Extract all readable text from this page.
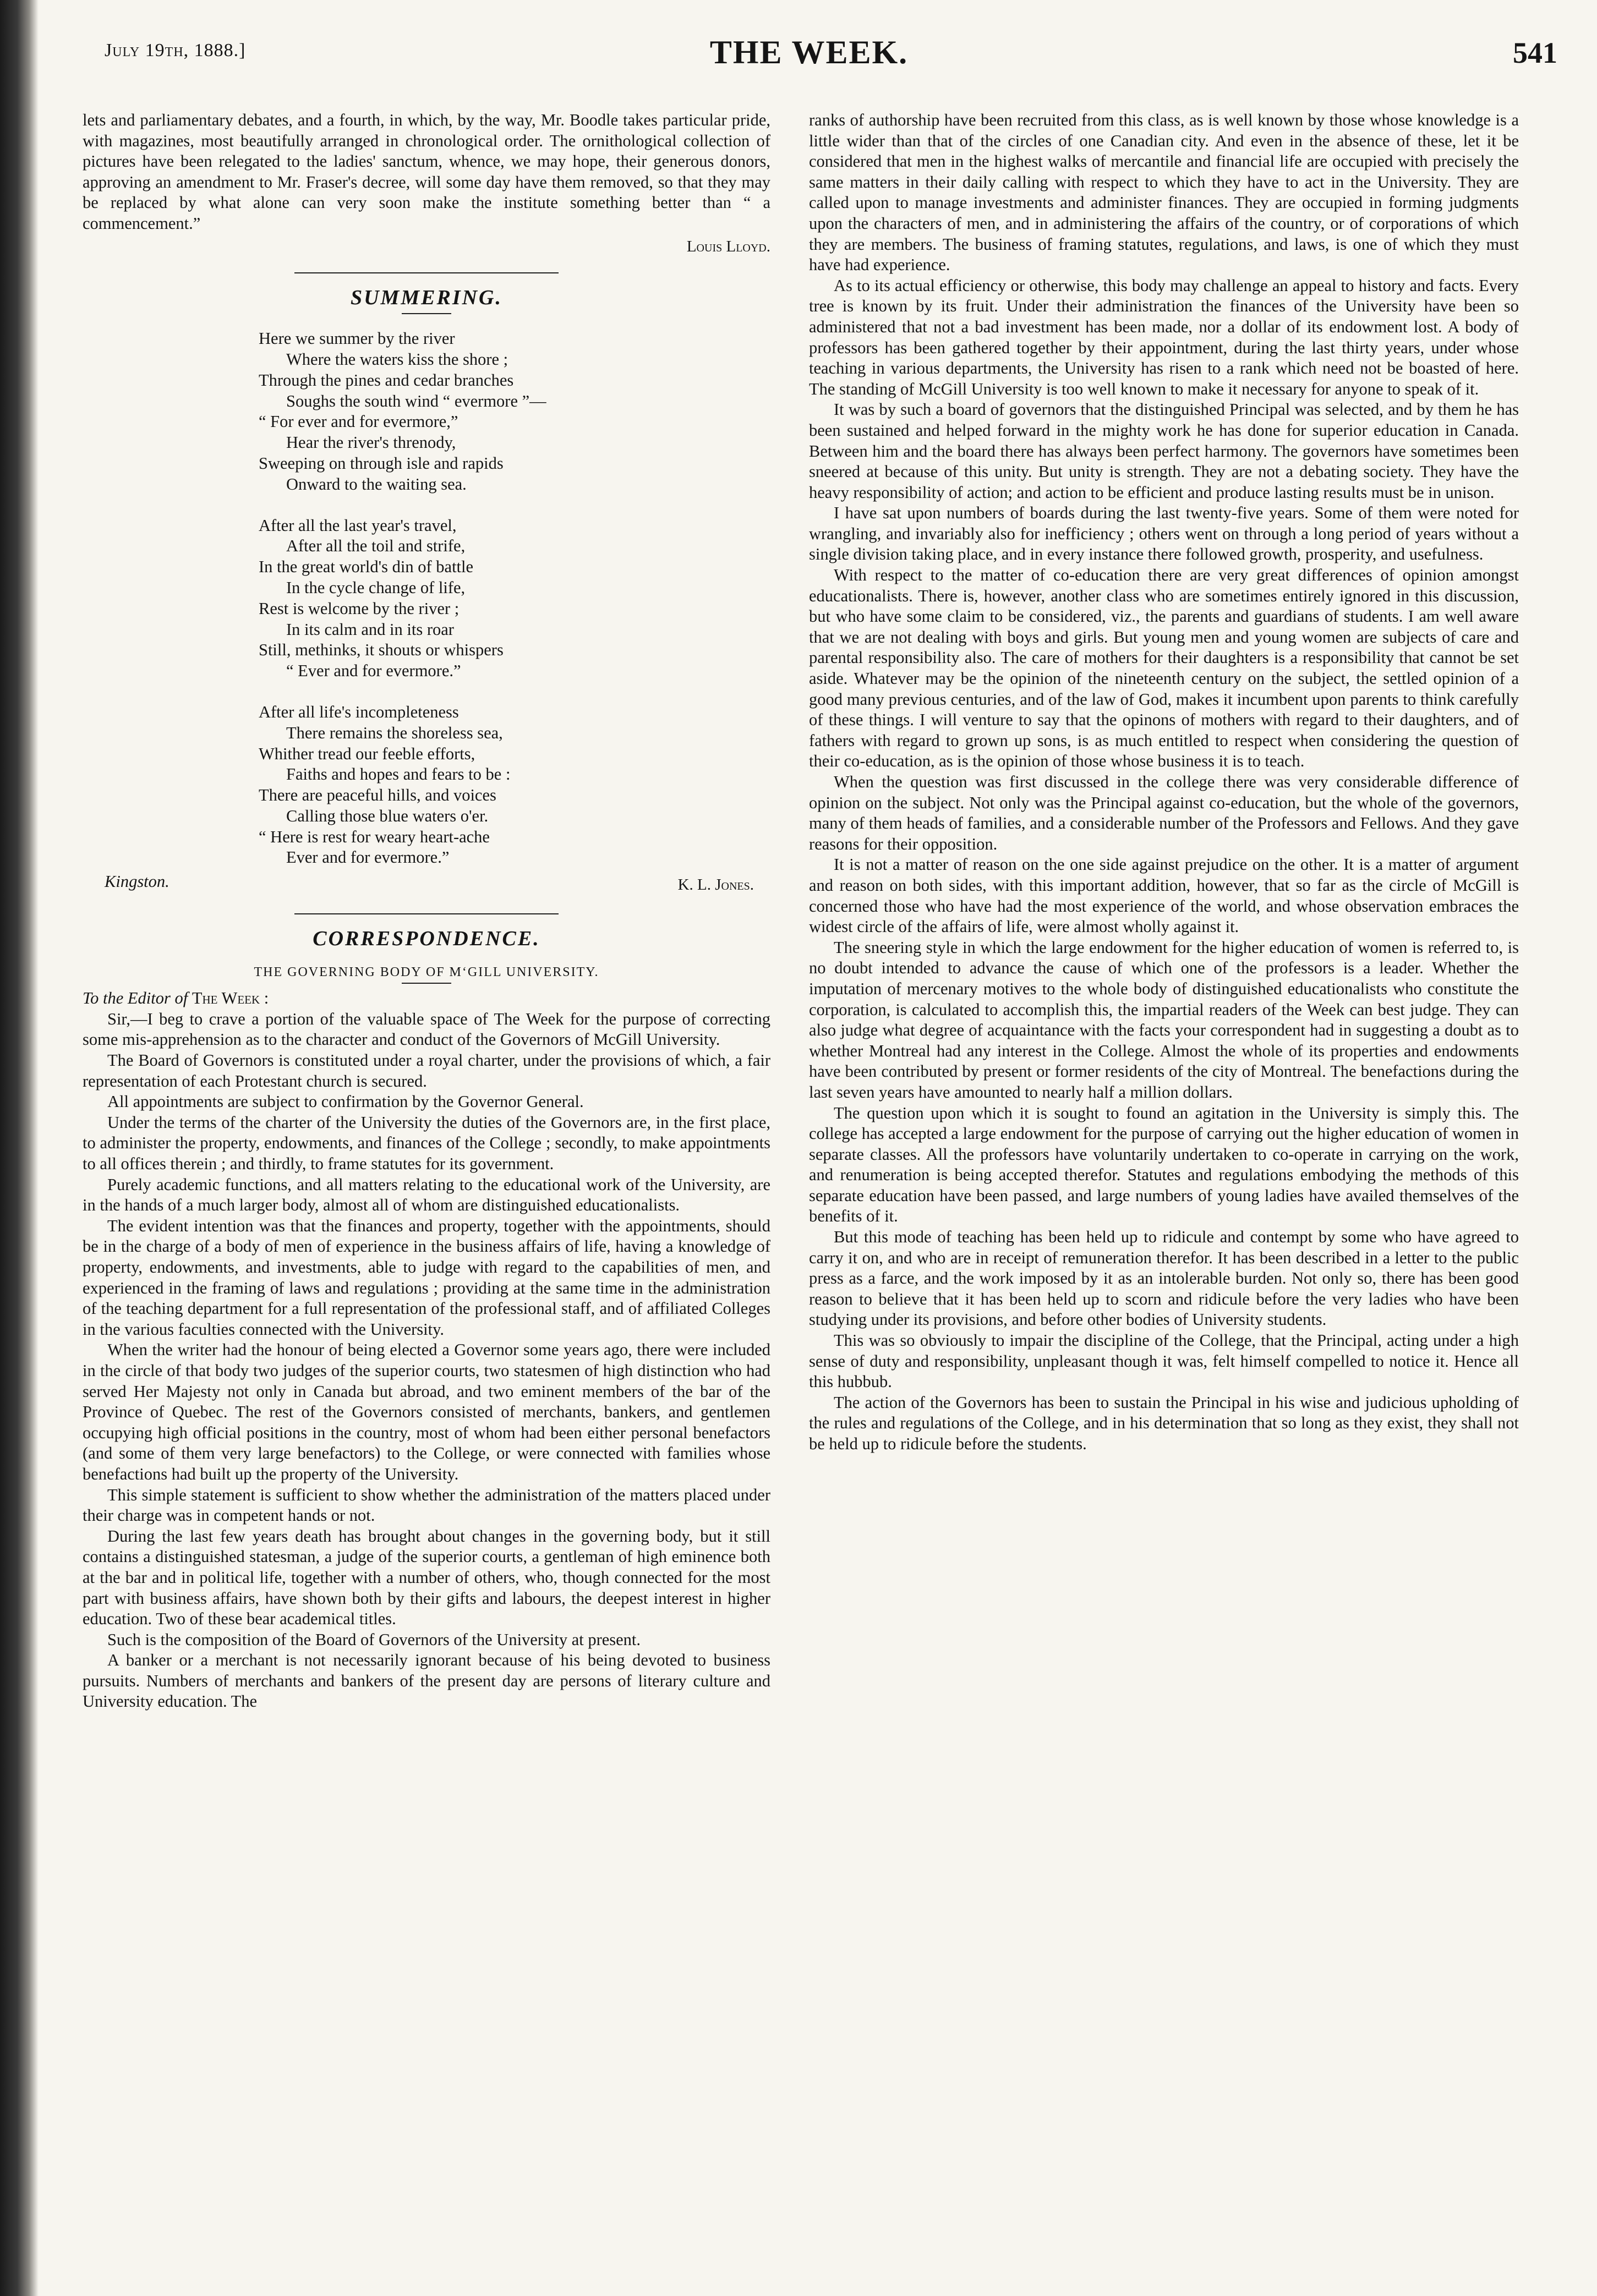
July 19th, 1888.]	THE WEEK.	541

lets and parliamentary debates, and a fourth, in which, by the way, Mr. Boodle takes particular pride, with magazines, most beautifully arranged in chronological order. The ornithological collection of pictures have been relegated to the ladies' sanctum, whence, we may hope, their generous donors, approving an amendment to Mr. Fraser's decree, will some day have them removed, so that they may be replaced by what alone can very soon make the institute something better than “ a commencement.”

Louis Lloyd.
SUMMERING.
Here we summer by the river
Where the waters kiss the shore ;
Through the pines and cedar branches
Soughs the south wind “ evermore ”—
“ For ever and for evermore,”
Hear the river's threnody,
Sweeping on through isle and rapids
Onward to the waiting sea.
After all the last year's travel,
After all the toil and strife,
In the great world's din of battle
In the cycle change of life,
Rest is welcome by the river ;
In its calm and in its roar
Still, methinks, it shouts or whispers
“ Ever and for evermore.”
After all life's incompleteness
There remains the shoreless sea,
Whither tread our feeble efforts,
Faiths and hopes and fears to be :
There are peaceful hills, and voices
Calling those blue waters o'er.
“ Here is rest for weary heart-ache
Ever and for evermore.”
Kingston.	K. L. Jones.
CORRESPONDENCE.
THE GOVERNING BODY OF M‘GILL UNIVERSITY.
To the Editor of The Week :

Sir,—I beg to crave a portion of the valuable space of The Week for the purpose of correcting some mis-apprehension as to the character and conduct of the Governors of McGill University.

The Board of Governors is constituted under a royal charter, under the provisions of which, a fair representation of each Protestant church is secured.

All appointments are subject to confirmation by the Governor General.

Under the terms of the charter of the University the duties of the Governors are, in the first place, to administer the property, endowments, and finances of the College ; secondly, to make appointments to all offices therein ; and thirdly, to frame statutes for its government.

Purely academic functions, and all matters relating to the educational work of the University, are in the hands of a much larger body, almost all of whom are distinguished educationalists.

The evident intention was that the finances and property, together with the appointments, should be in the charge of a body of men of experience in the business affairs of life, having a knowledge of property, endowments, and investments, able to judge with regard to the capabilities of men, and experienced in the framing of laws and regulations ; providing at the same time in the administration of the teaching department for a full representation of the professional staff, and of affiliated Colleges in the various faculties connected with the University.

When the writer had the honour of being elected a Governor some years ago, there were included in the circle of that body two judges of the superior courts, two statesmen of high distinction who had served Her Majesty not only in Canada but abroad, and two eminent members of the bar of the Province of Quebec. The rest of the Governors consisted of merchants, bankers, and gentlemen occupying high official positions in the country, most of whom had been either personal benefactors (and some of them very large benefactors) to the College, or were connected with families whose benefactions had built up the property of the University.

This simple statement is sufficient to show whether the administration of the matters placed under their charge was in competent hands or not.

During the last few years death has brought about changes in the governing body, but it still contains a distinguished statesman, a judge of the superior courts, a gentleman of high eminence both at the bar and in political life, together with a number of others, who, though connected for the most part with business affairs, have shown both by their gifts and labours, the deepest interest in higher education. Two of these bear academical titles.

Such is the composition of the Board of Governors of the University at present.

A banker or a merchant is not necessarily ignorant because of his being devoted to business pursuits. Numbers of merchants and bankers of the present day are persons of literary culture and University education. The

ranks of authorship have been recruited from this class, as is well known by those whose knowledge is a little wider than that of the circles of one Canadian city. And even in the absence of these, let it be considered that men in the highest walks of mercantile and financial life are occupied with precisely the same matters in their daily calling with respect to which they have to act in the University. They are called upon to manage investments and administer finances. They are occupied in forming judgments upon the characters of men, and in administering the affairs of the country, or of corporations of which they are members. The business of framing statutes, regulations, and laws, is one of which they must have had experience.

As to its actual efficiency or otherwise, this body may challenge an appeal to history and facts. Every tree is known by its fruit. Under their administration the finances of the University have been so administered that not a bad investment has been made, nor a dollar of its endowment lost. A body of professors has been gathered together by their appointment, during the last thirty years, under whose teaching in various departments, the University has risen to a rank which need not be boasted of here. The standing of McGill University is too well known to make it necessary for anyone to speak of it.

It was by such a board of governors that the distinguished Principal was selected, and by them he has been sustained and helped forward in the mighty work he has done for superior education in Canada. Between him and the board there has always been perfect harmony. The governors have sometimes been sneered at because of this unity. But unity is strength. They are not a debating society. They have the heavy responsibility of action; and action to be efficient and produce lasting results must be in unison.

I have sat upon numbers of boards during the last twenty-five years. Some of them were noted for wrangling, and invariably also for inefficiency ; others went on through a long period of years without a single division taking place, and in every instance there followed growth, prosperity, and usefulness.

With respect to the matter of co-education there are very great differences of opinion amongst educationalists. There is, however, another class who are sometimes entirely ignored in this discussion, but who have some claim to be considered, viz., the parents and guardians of students. I am well aware that we are not dealing with boys and girls. But young men and young women are subjects of care and parental responsibility also. The care of mothers for their daughters is a responsibility that cannot be set aside. Whatever may be the opinion of the nineteenth century on the subject, the settled opinion of a good many previous centuries, and of the law of God, makes it incumbent upon parents to think carefully of these things. I will venture to say that the opinons of mothers with regard to their daughters, and of fathers with regard to grown up sons, is as much entitled to respect when considering the question of their co-education, as is the opinion of those whose business it is to teach.

When the question was first discussed in the college there was very considerable difference of opinion on the subject. Not only was the Principal against co-education, but the whole of the governors, many of them heads of families, and a considerable number of the Professors and Fellows. And they gave reasons for their opposition.

It is not a matter of reason on the one side against prejudice on the other. It is a matter of argument and reason on both sides, with this important addition, however, that so far as the circle of McGill is concerned those who have had the most experience of the world, and whose observation embraces the widest circle of the affairs of life, were almost wholly against it.

The sneering style in which the large endowment for the higher education of women is referred to, is no doubt intended to advance the cause of which one of the professors is a leader. Whether the imputation of mercenary motives to the whole body of distinguished educationalists who constitute the corporation, is calculated to accomplish this, the impartial readers of the Week can best judge. They can also judge what degree of acquaintance with the facts your correspondent had in suggesting a doubt as to whether Montreal had any interest in the College. Almost the whole of its properties and endowments have been contributed by present or former residents of the city of Montreal. The benefactions during the last seven years have amounted to nearly half a million dollars.

The question upon which it is sought to found an agitation in the University is simply this. The college has accepted a large endowment for the purpose of carrying out the higher education of women in separate classes. All the professors have voluntarily undertaken to co-operate in carrying on the work, and renumeration is being accepted therefor. Statutes and regulations embodying the methods of this separate education have been passed, and large numbers of young ladies have availed themselves of the benefits of it.

But this mode of teaching has been held up to ridicule and contempt by some who have agreed to carry it on, and who are in receipt of remuneration therefor. It has been described in a letter to the public press as a farce, and the work imposed by it as an intolerable burden. Not only so, there has been good reason to believe that it has been held up to scorn and ridicule before the very ladies who have been studying under its provisions, and before other bodies of University students.

This was so obviously to impair the discipline of the College, that the Principal, acting under a high sense of duty and responsibility, unpleasant though it was, felt himself compelled to notice it. Hence all this hubbub.

The action of the Governors has been to sustain the Principal in his wise and judicious upholding of the rules and regulations of the College, and in his determination that so long as they exist, they shall not be held up to ridicule before the students.
